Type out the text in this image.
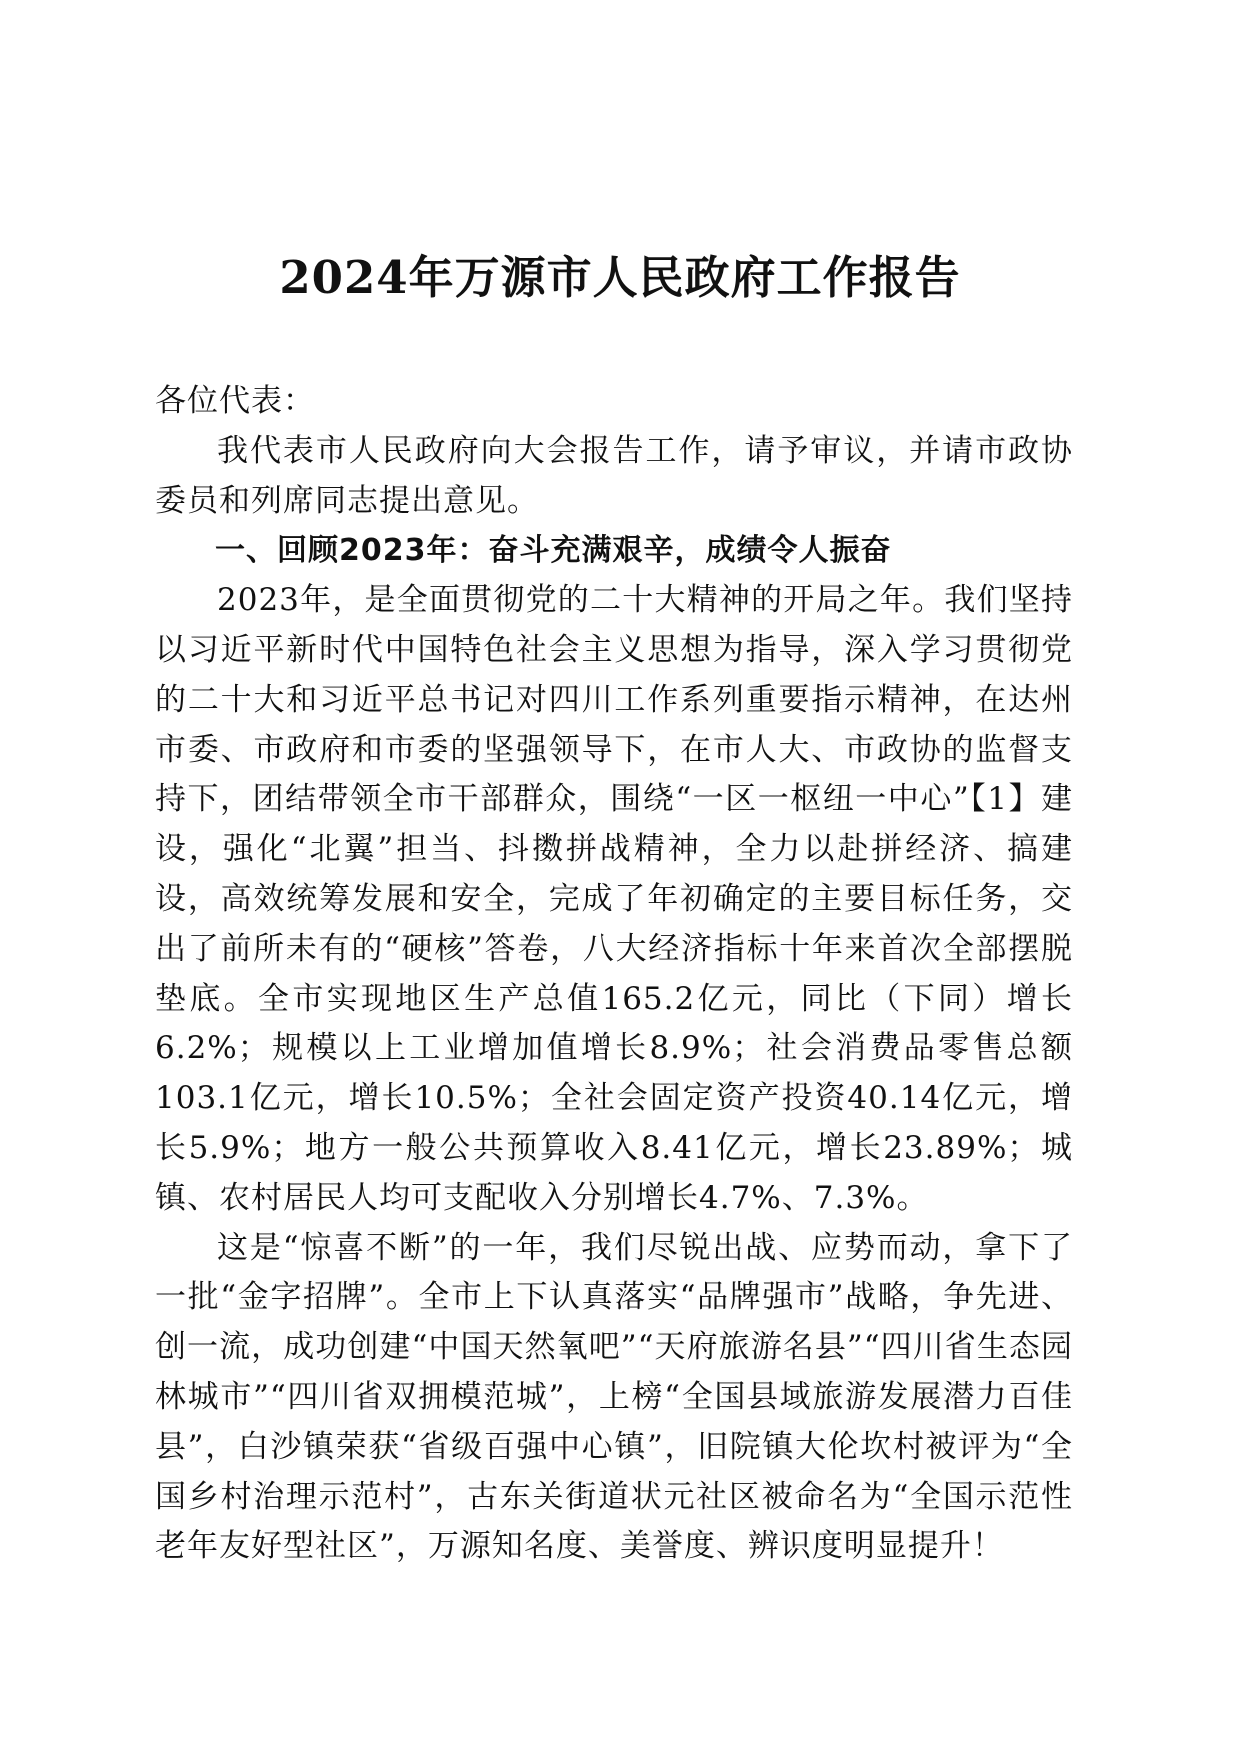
2024年万源市人民政府工作报告

各位代表：

我代表市人民政府向大会报告工作，请予审议，并请市政协委员和列席同志提出意见。

一、回顾2023年：奋斗充满艰辛，成绩令人振奋

2023年，是全面贯彻党的二十大精神的开局之年。我们坚持以习近平新时代中国特色社会主义思想为指导，深入学习贯彻党的二十大和习近平总书记对四川工作系列重要指示精神，在达州市委、市政府和市委的坚强领导下，在市人大、市政协的监督支持下，团结带领全市干部群众，围绕“一区一枢纽一中心”【1】建设，强化“北翼”担当、抖擞拼战精神，全力以赴拼经济、搞建设，高效统筹发展和安全，完成了年初确定的主要目标任务，交出了前所未有的“硬核”答卷，八大经济指标十年来首次全部摆脱垫底。全市实现地区生产总值165.2亿元，同比（下同）增长6.2%；规模以上工业增加值增长8.9%；社会消费品零售总额103.1亿元，增长10.5%；全社会固定资产投资40.14亿元，增长5.9%；地方一般公共预算收入8.41亿元，增长23.89%；城镇、农村居民人均可支配收入分别增长4.7%、7.3%。

这是“惊喜不断”的一年，我们尽锐出战、应势而动，拿下了一批“金字招牌”。全市上下认真落实“品牌强市”战略，争先进、创一流，成功创建“中国天然氧吧”“天府旅游名县”“四川省生态园林城市”“四川省双拥模范城”，上榜“全国县域旅游发展潜力百佳县”，白沙镇荣获“省级百强中心镇”，旧院镇大伦坎村被评为“全国乡村治理示范村”，古东关街道状元社区被命名为“全国示范性老年友好型社区”，万源知名度、美誉度、辨识度明显提升！
